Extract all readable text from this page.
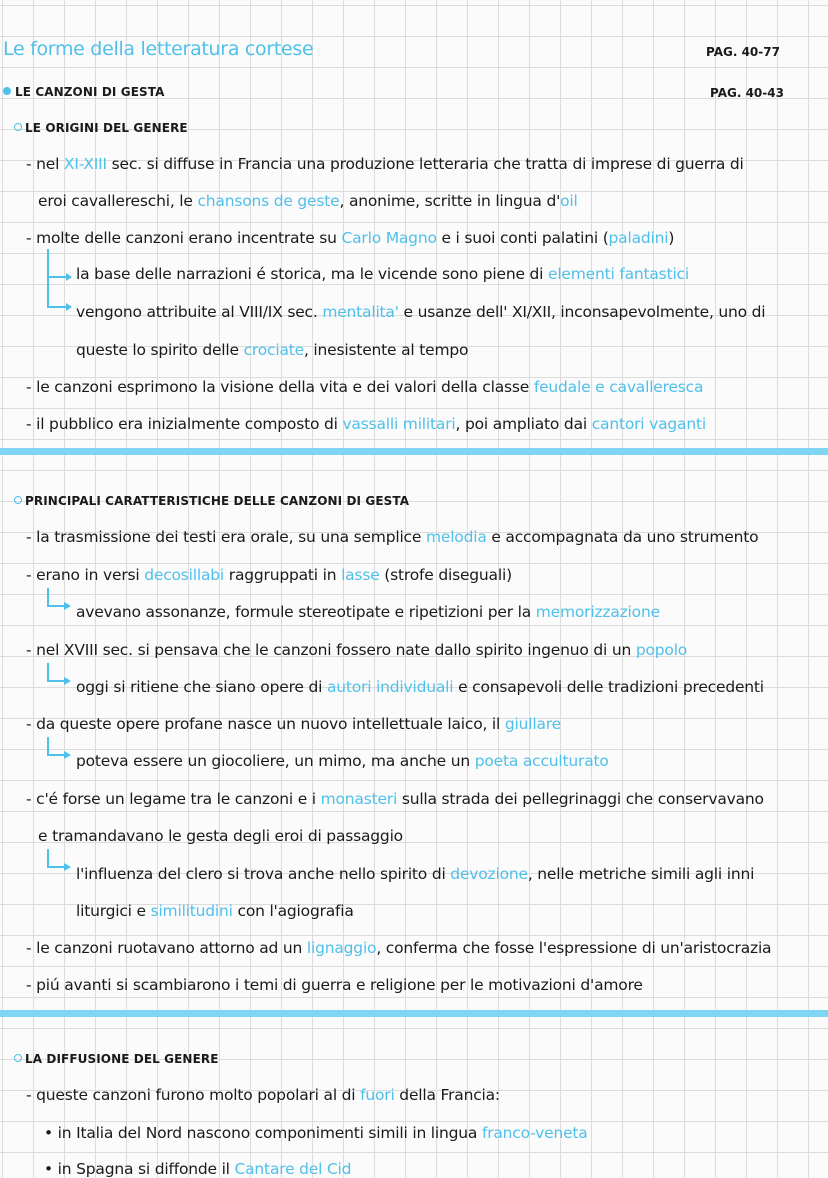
Le forme della letteratura cortese	PAG. 40-77
LE CANZONI DI GESTA	PAG. 40-43
LE ORIGINI DEL GENERE
- nel XI-XIII sec. si diffuse in Francia una produzione letteraria che tratta di imprese di guerra di
eroi cavallereschi, le chansons de geste, anonime, scritte in lingua d'oil
- molte delle canzoni erano incentrate su Carlo Magno e i suoi conti palatini (paladini)
la base delle narrazioni é storica, ma le vicende sono piene di elementi fantastici
vengono attribuite al VIII/IX sec. mentalita' e usanze dell' XI/XII, inconsapevolmente, uno di
queste lo spirito delle crociate, inesistente al tempo
- le canzoni esprimono la visione della vita e dei valori della classe feudale e cavalleresca
- il pubblico era inizialmente composto di vassalli militari, poi ampliato dai cantori vaganti
PRINCIPALI CARATTERISTICHE DELLE CANZONI DI GESTA
- la trasmissione dei testi era orale, su una semplice melodia e accompagnata da uno strumento
- erano in versi decosillabi raggruppati in lasse (strofe diseguali)
avevano assonanze, formule stereotipate e ripetizioni per la memorizzazione
- nel XVIII sec. si pensava che le canzoni fossero nate dallo spirito ingenuo di un popolo
oggi si ritiene che siano opere di autori individuali e consapevoli delle tradizioni precedenti
- da queste opere profane nasce un nuovo intellettuale laico, il giullare
poteva essere un giocoliere, un mimo, ma anche un poeta acculturato
- c'é forse un legame tra le canzoni e i monasteri sulla strada dei pellegrinaggi che conservavano
e tramandavano le gesta degli eroi di passaggio
l'influenza del clero si trova anche nello spirito di devozione, nelle metriche simili agli inni
liturgici e similitudini con l'agiografia
- le canzoni ruotavano attorno ad un lignaggio, conferma che fosse l'espressione di un'aristocrazia
- piú avanti si scambiarono i temi di guerra e religione per le motivazioni d'amore
LA DIFFUSIONE DEL GENERE
- queste canzoni furono molto popolari al di fuori della Francia:
• in Italia del Nord nascono componimenti simili in lingua franco-veneta
• in Spagna si diffonde il Cantare del Cid
